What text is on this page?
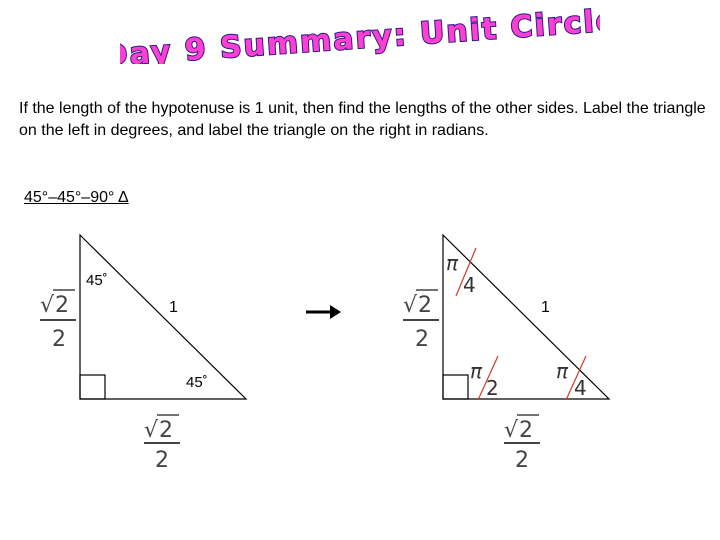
Day 9 Summary: Unit Circle

If the length of the hypotenuse is 1 unit, then find the lengths of the other sides. Label the triangle on the left in degrees, and label the triangle on the right in radians.

45°–45°–90° Δ
45˚
45˚
1
√ 2
2
√ 2
2
1
π
4
π
2
π
4
√ 2
2
√ 2
2
